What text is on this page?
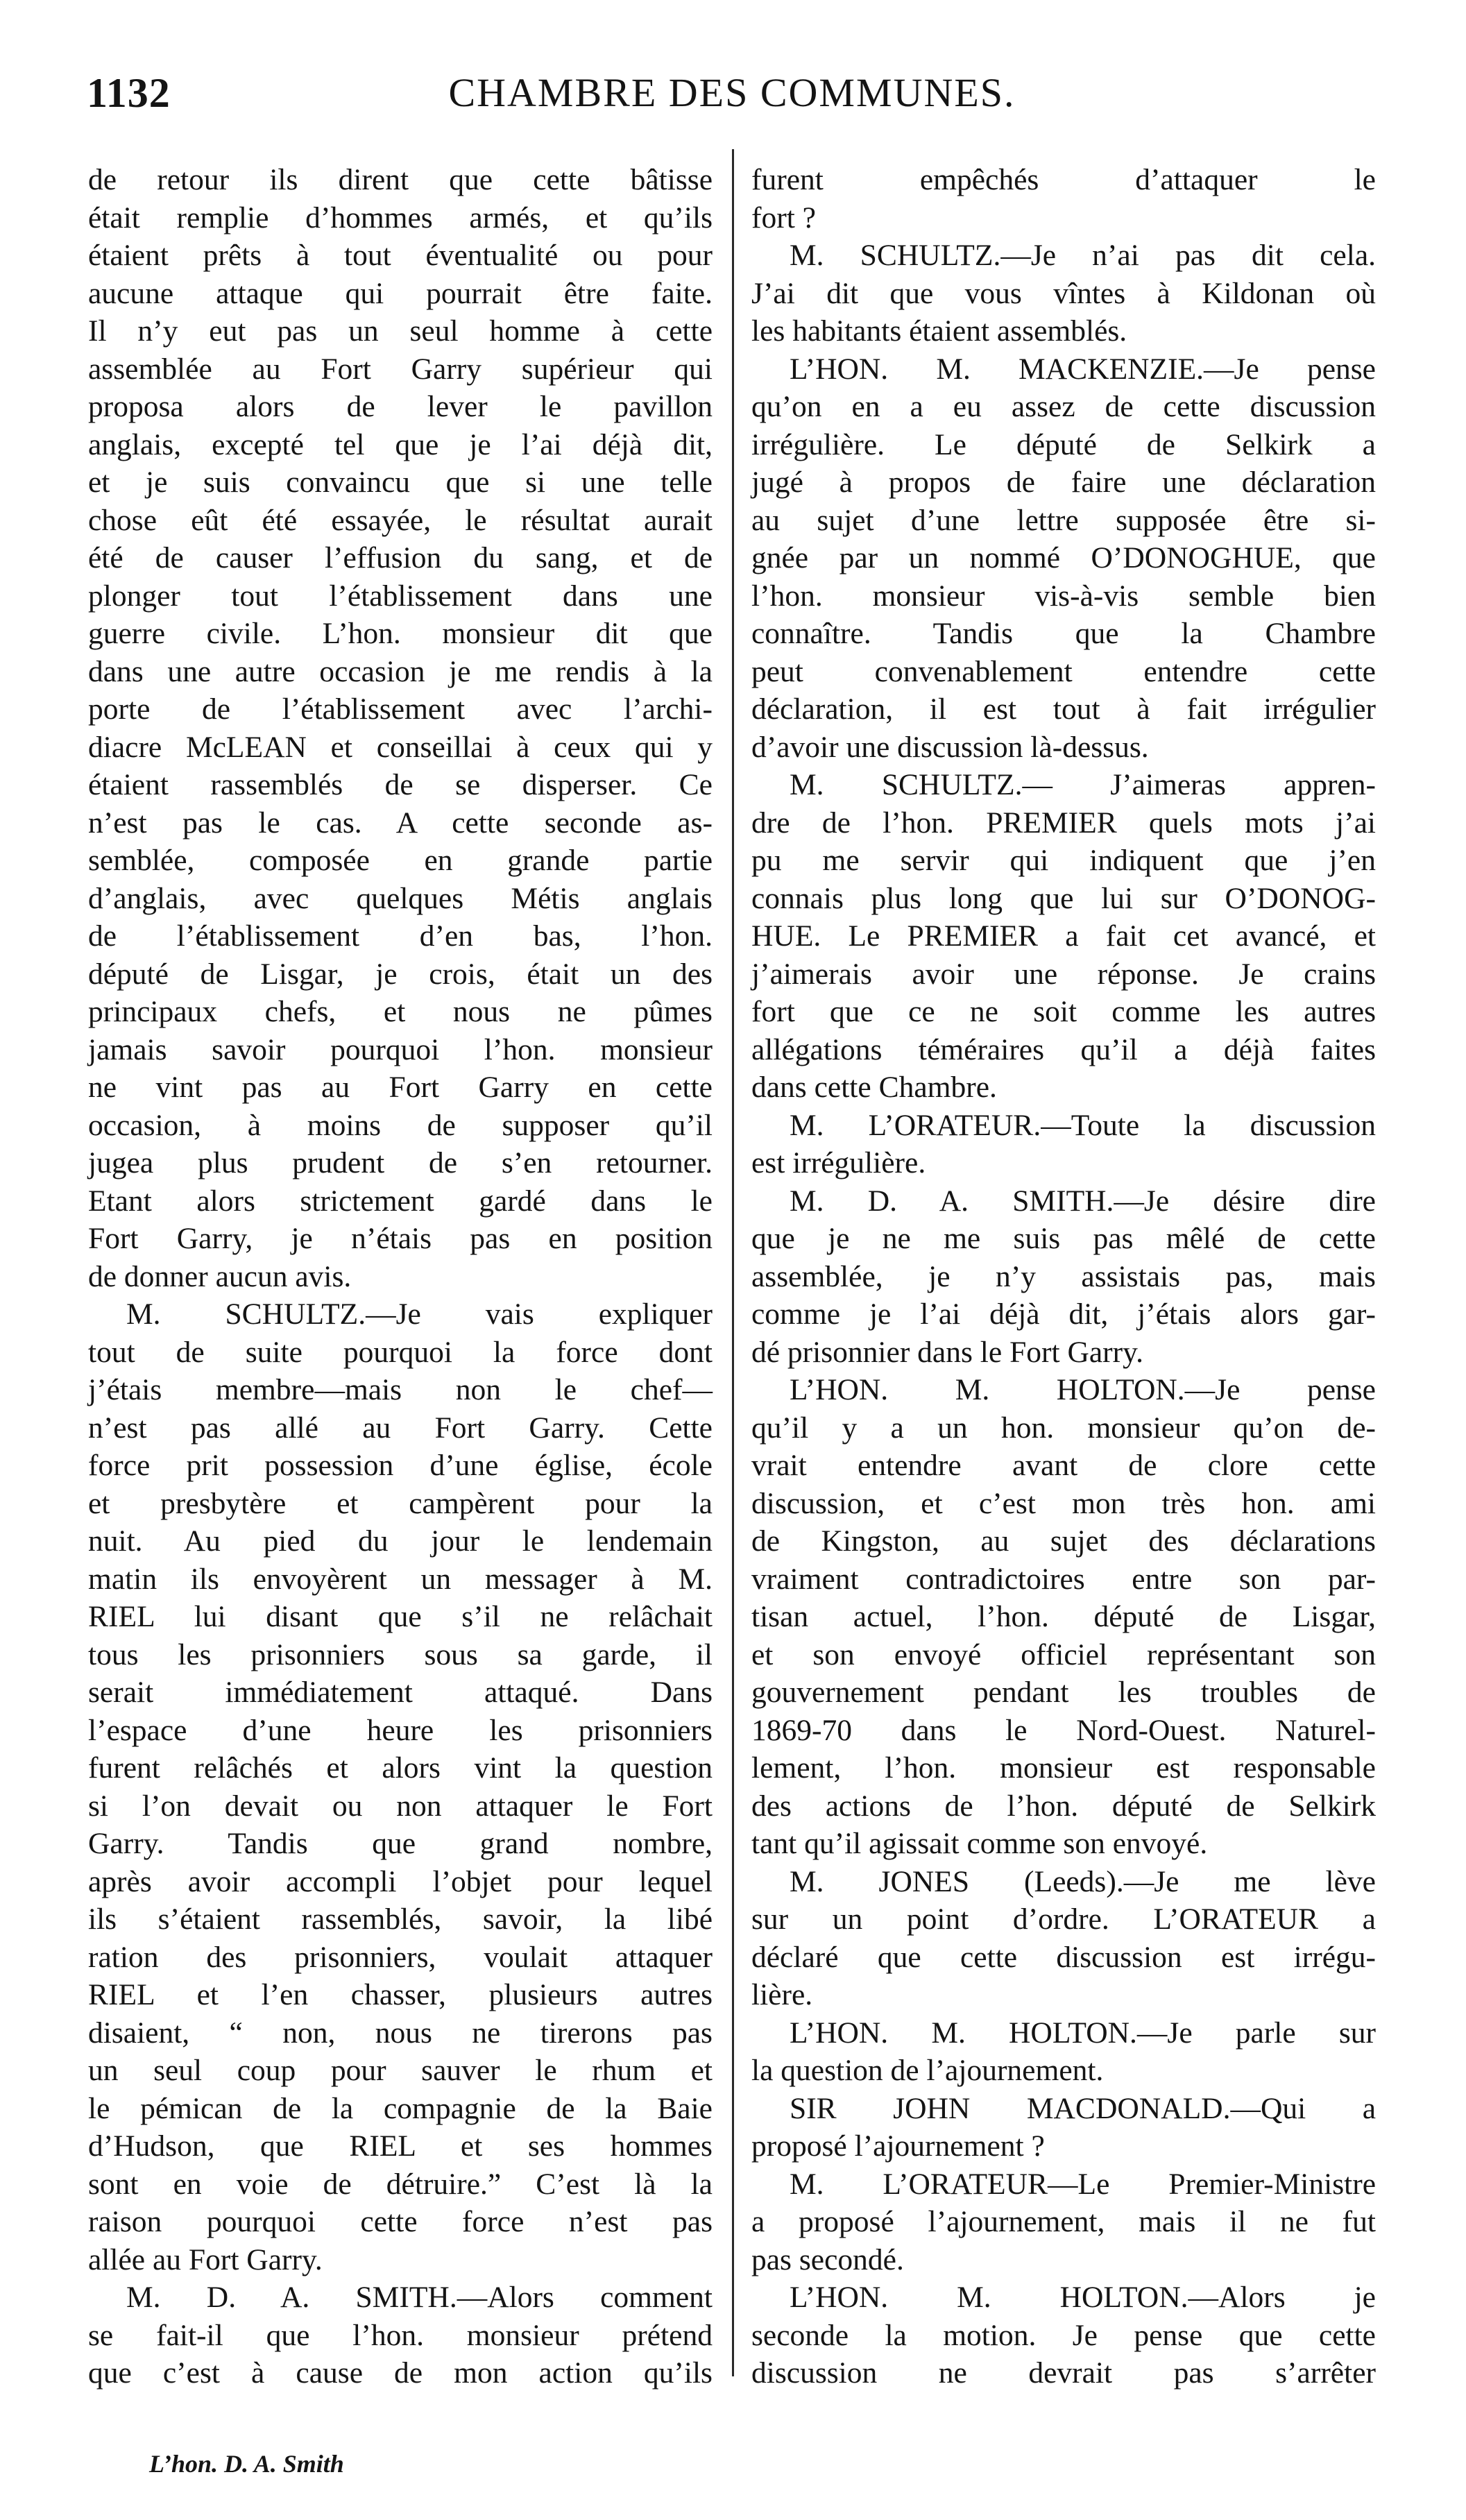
1132	CHAMBRE DES COMMUNES.
de retour ils dirent que cette bâtisse
était remplie d’hommes armés, et qu’ils
étaient prêts à tout éventualité ou pour
aucune attaque qui pourrait être faite.
Il n’y eut pas un seul homme à cette
assemblée au Fort Garry supérieur qui
proposa alors de lever le pavillon
anglais, excepté tel que je l’ai déjà dit,
et je suis convaincu que si une telle
chose eût été essayée, le résultat aurait
été de causer l’effusion du sang, et de
plonger tout l’établissement dans une
guerre civile. L’hon. monsieur dit que
dans une autre occasion je me rendis à la
porte de l’établissement avec l’archi-
diacre McLEAN et conseillai à ceux qui y
étaient rassemblés de se disperser. Ce
n’est pas le cas. A cette seconde as-
semblée, composée en grande partie
d’anglais, avec quelques Métis anglais
de l’établissement d’en bas, l’hon.
député de Lisgar, je crois, était un des
principaux chefs, et nous ne pûmes
jamais savoir pourquoi l’hon. monsieur
ne vint pas au Fort Garry en cette
occasion, à moins de supposer qu’il
jugea plus prudent de s’en retourner.
Etant alors strictement gardé dans le
Fort Garry, je n’étais pas en position
de donner aucun avis.
M. SCHULTZ.—Je vais expliquer
tout de suite pourquoi la force dont
j’étais membre—mais non le chef—
n’est pas allé au Fort Garry. Cette
force prit possession d’une église, école
et presbytère et campèrent pour la
nuit. Au pied du jour le lendemain
matin ils envoyèrent un messager à M.
RIEL lui disant que s’il ne relâchait
tous les prisonniers sous sa garde, il
serait immédiatement attaqué. Dans
l’espace d’une heure les prisonniers
furent relâchés et alors vint la question
si l’on devait ou non attaquer le Fort
Garry. Tandis que grand nombre,
après avoir accompli l’objet pour lequel
ils s’étaient rassemblés, savoir, la libé
ration des prisonniers, voulait attaquer
RIEL et l’en chasser, plusieurs autres
disaient, “ non, nous ne tirerons pas
un seul coup pour sauver le rhum et
le pémican de la compagnie de la Baie
d’Hudson, que RIEL et ses hommes
sont en voie de détruire.” C’est là la
raison pourquoi cette force n’est pas
allée au Fort Garry.
M. D. A. SMITH.—Alors comment
se fait-il que l’hon. monsieur prétend
que c’est à cause de mon action qu’ils
furent empêchés d’attaquer le
fort ?
M. SCHULTZ.—Je n’ai pas dit cela.
J’ai dit que vous vîntes à Kildonan où
les habitants étaient assemblés.
L’HON. M. MACKENZIE.—Je pense
qu’on en a eu assez de cette discussion
irrégulière. Le député de Selkirk a
jugé à propos de faire une déclaration
au sujet d’une lettre supposée être si-
gnée par un nommé O’DONOGHUE, que
l’hon. monsieur vis-à-vis semble bien
connaître. Tandis que la Chambre
peut convenablement entendre cette
déclaration, il est tout à fait irrégulier
d’avoir une discussion là-dessus.
M. SCHULTZ.— J’aimeras appren-
dre de l’hon. PREMIER quels mots j’ai
pu me servir qui indiquent que j’en
connais plus long que lui sur O’DONOG-
HUE. Le PREMIER a fait cet avancé, et
j’aimerais avoir une réponse. Je crains
fort que ce ne soit comme les autres
allégations téméraires qu’il a déjà faites
dans cette Chambre.
M. L’ORATEUR.—Toute la discussion
est irrégulière.
M. D. A. SMITH.—Je désire dire
que je ne me suis pas mêlé de cette
assemblée, je n’y assistais pas, mais
comme je l’ai déjà dit, j’étais alors gar-
dé prisonnier dans le Fort Garry.
L’HON. M. HOLTON.—Je pense
qu’il y a un hon. monsieur qu’on de-
vrait entendre avant de clore cette
discussion, et c’est mon très hon. ami
de Kingston, au sujet des déclarations
vraiment contradictoires entre son par-
tisan actuel, l’hon. député de Lisgar,
et son envoyé officiel représentant son
gouvernement pendant les troubles de
1869-70 dans le Nord-Ouest. Naturel-
lement, l’hon. monsieur est responsable
des actions de l’hon. député de Selkirk
tant qu’il agissait comme son envoyé.
M. JONES (Leeds).—Je me lève
sur un point d’ordre. L’ORATEUR a
déclaré que cette discussion est irrégu-
lière.
L’HON. M. HOLTON.—Je parle sur
la question de l’ajournement.
SIR JOHN MACDONALD.—Qui a
proposé l’ajournement ?
M. L’ORATEUR—Le Premier-Ministre
a proposé l’ajournement, mais il ne fut
pas secondé.
L’HON. M. HOLTON.—Alors je
seconde la motion. Je pense que cette
discussion ne devrait pas s’arrêter
L’hon. D. A. Smith
